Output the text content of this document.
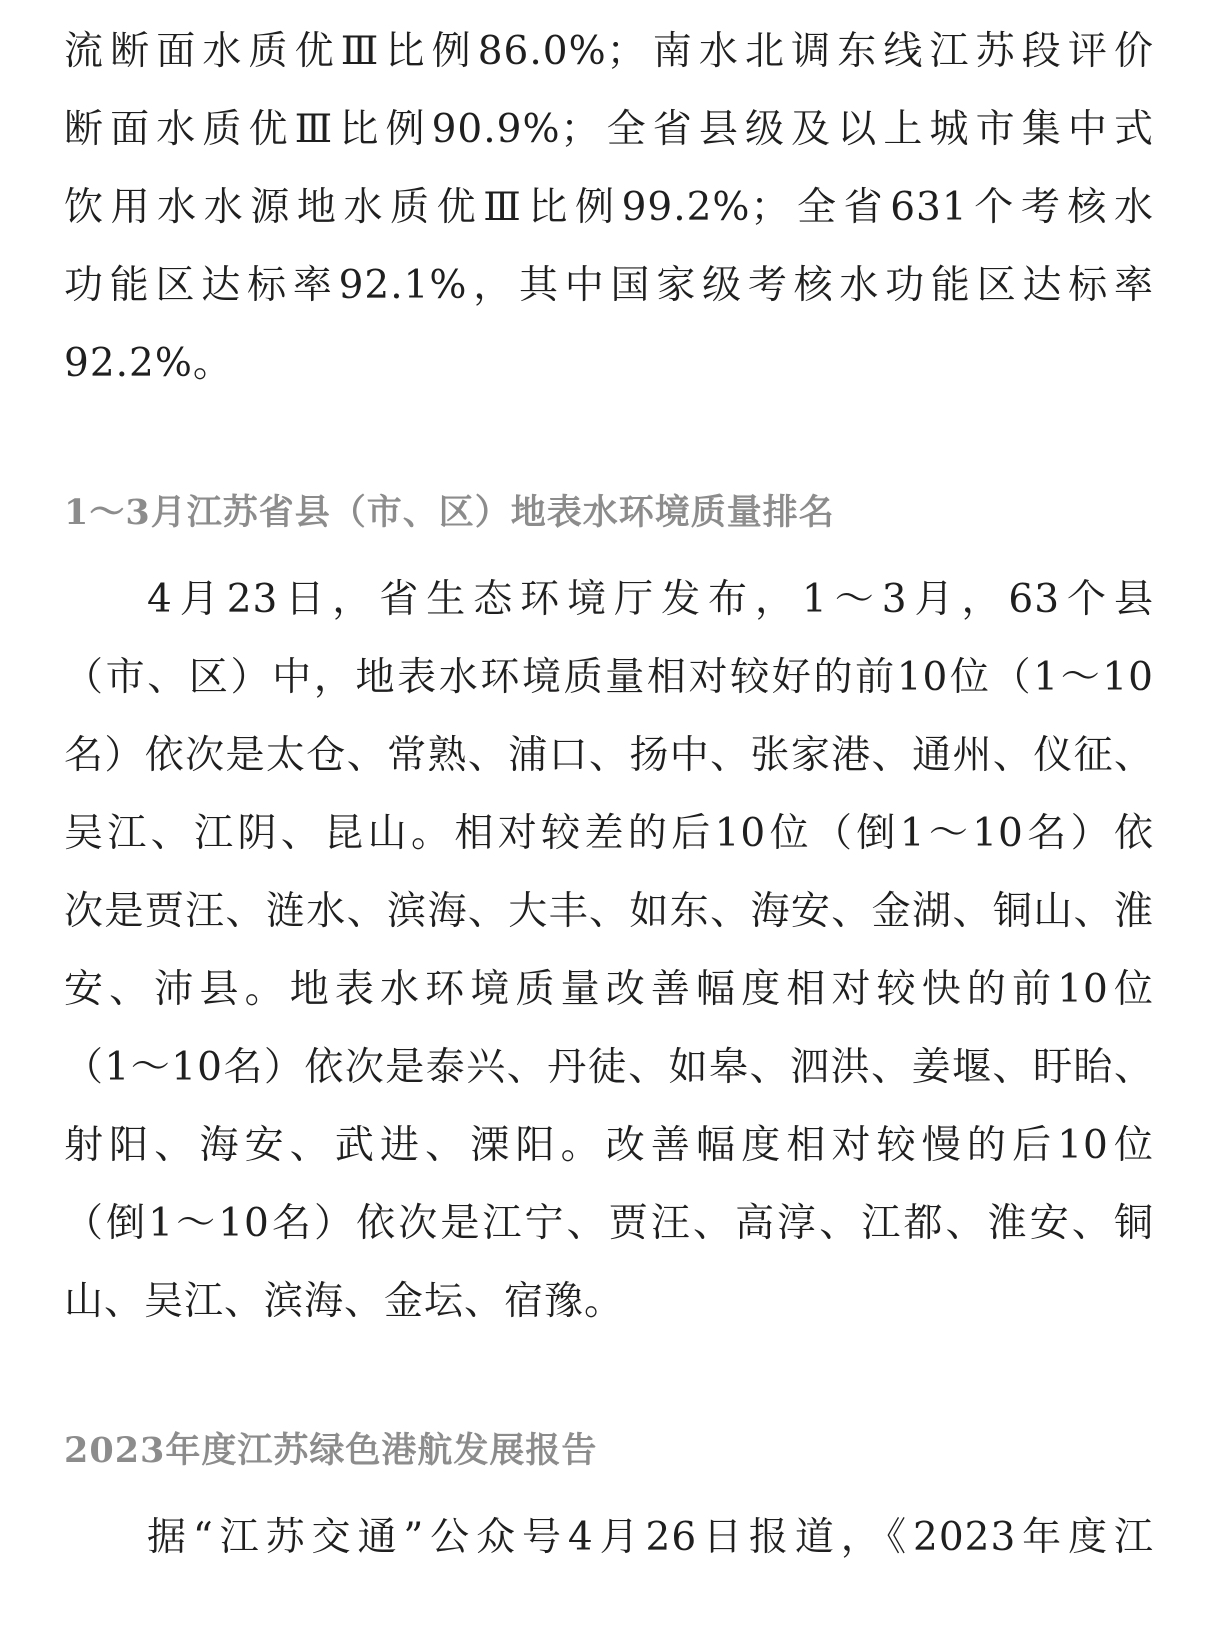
流断面水质优Ⅲ比例86.0%；南水北调东线江苏段评价
断面水质优Ⅲ比例90.9%；全省县级及以上城市集中式
饮用水水源地水质优Ⅲ比例99.2%；全省631个考核水
功能区达标率92.1%，其中国家级考核水功能区达标率
92.2%。
1～3月江苏省县（市、区）地表水环境质量排名
4月23日，省生态环境厅发布，1～3月，63个县
（市、区）中，地表水环境质量相对较好的前10位（1～10
名）依次是太仓、常熟、浦口、扬中、张家港、通州、仪征、
吴江、江阴、昆山。相对较差的后10位（倒1～10名）依
次是贾汪、涟水、滨海、大丰、如东、海安、金湖、铜山、淮
安、沛县。地表水环境质量改善幅度相对较快的前10位
（1～10名）依次是泰兴、丹徒、如皋、泗洪、姜堰、盱眙、
射阳、海安、武进、溧阳。改善幅度相对较慢的后10位
（倒1～10名）依次是江宁、贾汪、高淳、江都、淮安、铜
山、吴江、滨海、金坛、宿豫。
2023年度江苏绿色港航发展报告
据“江苏交通”公众号4月26日报道，《2023年度江
